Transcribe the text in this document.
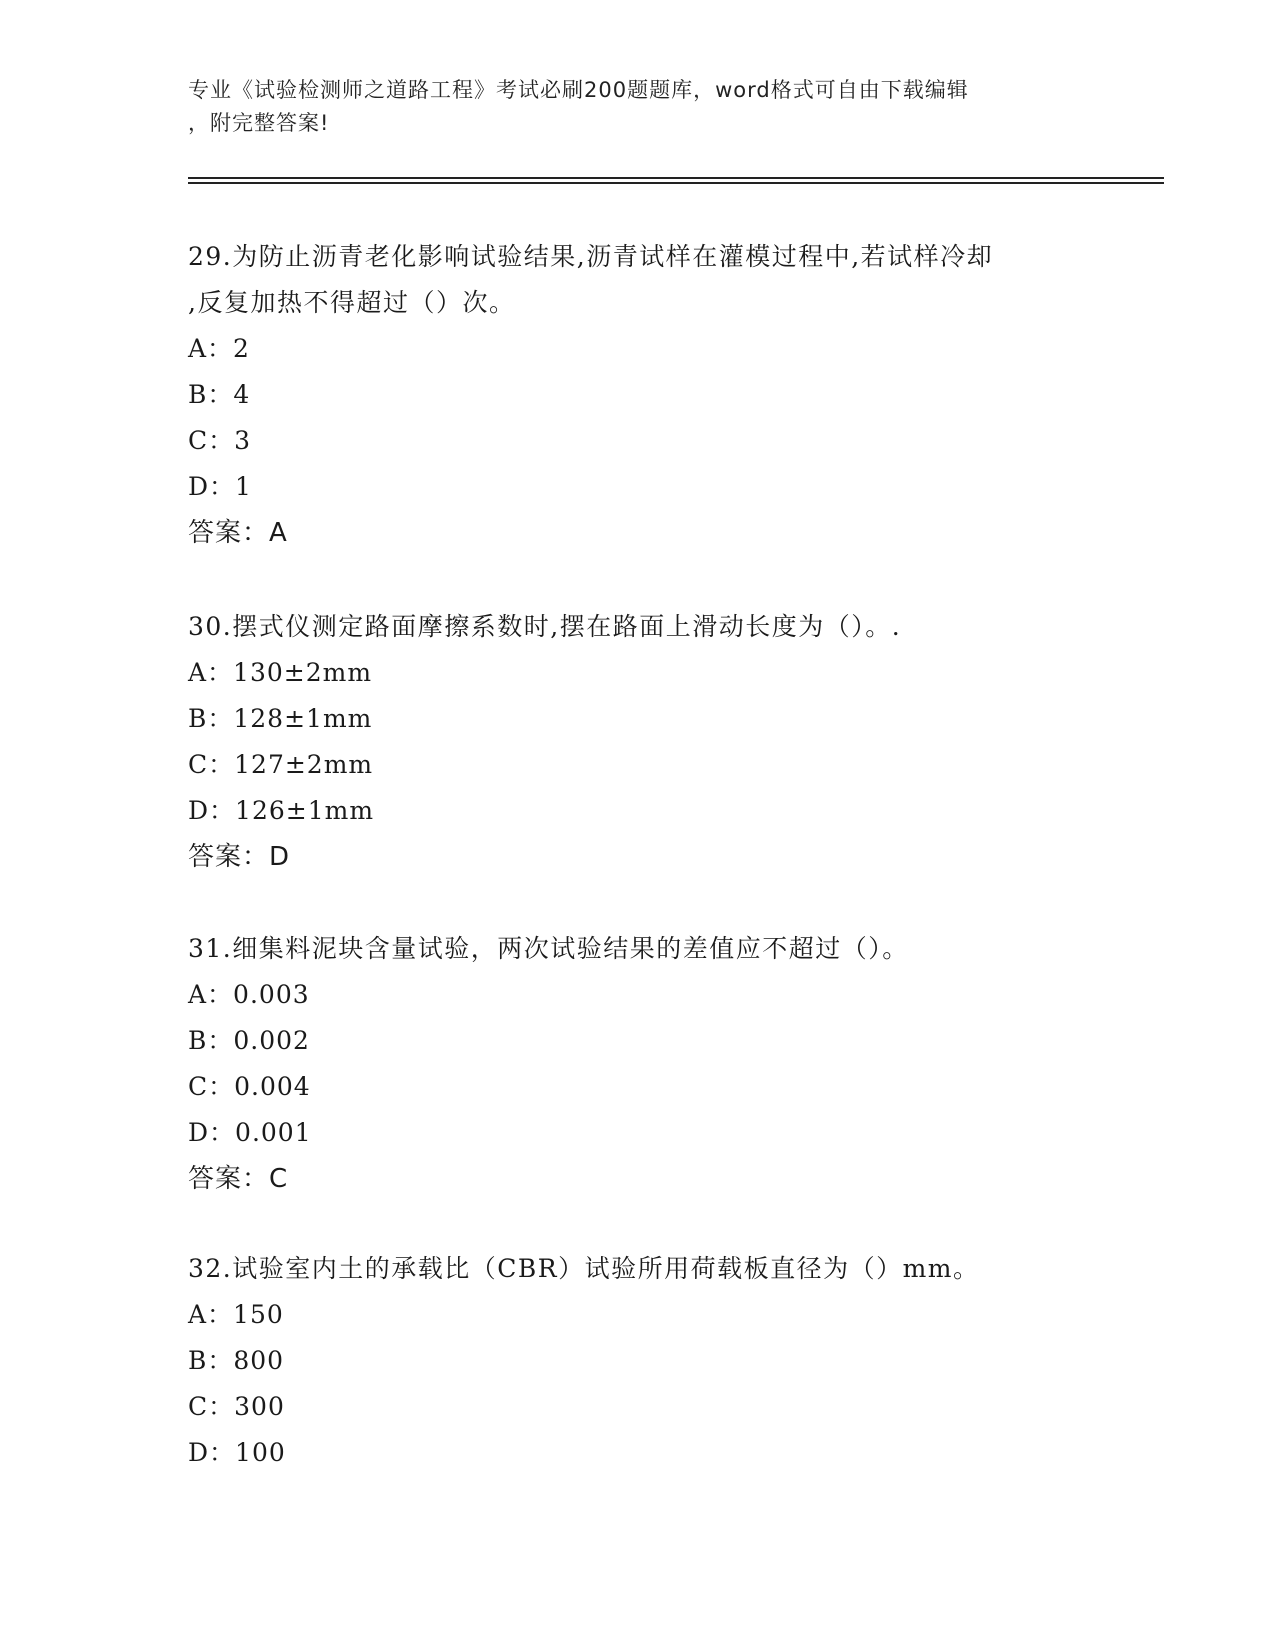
专业《试验检测师之道路工程》考试必刷200题题库，word格式可自由下载编辑
，附完整答案!
29.为防止沥青老化影响试验结果,沥青试样在灌模过程中,若试样冷却
,反复加热不得超过（）次。
A：2
B：4
C：3
D：1
答案：A
30.摆式仪测定路面摩擦系数时,摆在路面上滑动长度为（）。.
A：130±2mm
B：128±1mm
C：127±2mm
D：126±1mm
答案：D
31.细集料泥块含量试验，两次试验结果的差值应不超过（）。
A：0.003
B：0.002
C：0.004
D：0.001
答案：C
32.试验室内土的承载比（CBR）试验所用荷载板直径为（）mm。
A：150
B：800
C：300
D：100
